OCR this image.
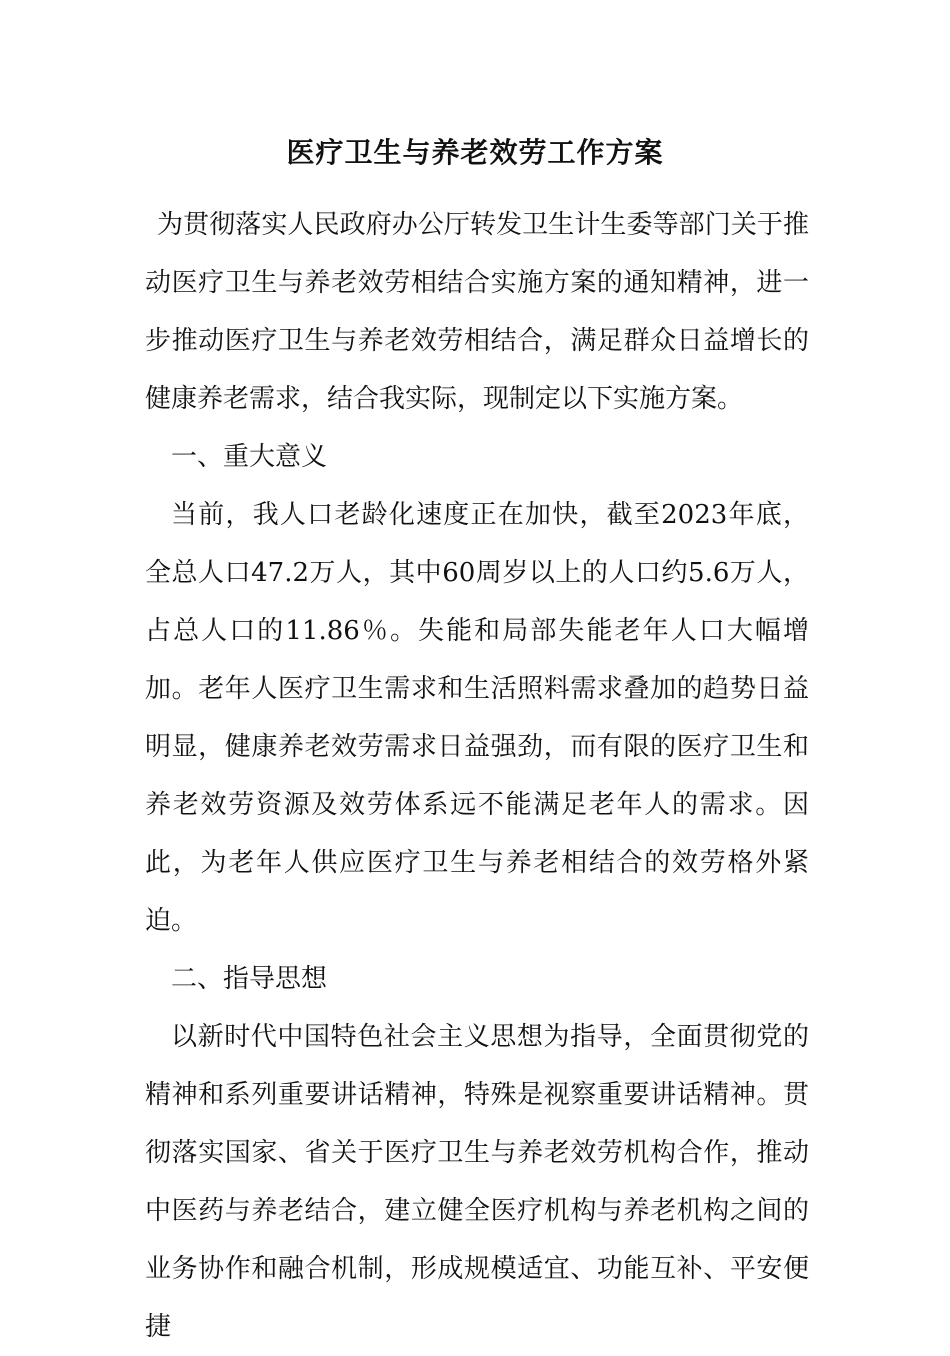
医疗卫生与养老效劳工作方案

为贯彻落实人民政府办公厅转发卫生计生委等部门关于推动医疗卫生与养老效劳相结合实施方案的通知精神，进一步推动医疗卫生与养老效劳相结合，满足群众日益增长的健康养老需求，结合我实际，现制定以下实施方案。

一、重大意义

当前，我人口老龄化速度正在加快，截至2023年底，全总人口47.2万人，其中60周岁以上的人口约5.6万人，占总人口的11.86％。失能和局部失能老年人口大幅增加。老年人医疗卫生需求和生活照料需求叠加的趋势日益明显，健康养老效劳需求日益强劲，而有限的医疗卫生和养老效劳资源及效劳体系远不能满足老年人的需求。因此，为老年人供应医疗卫生与养老相结合的效劳格外紧迫。

二、指导思想

以新时代中国特色社会主义思想为指导，全面贯彻党的精神和系列重要讲话精神，特殊是视察重要讲话精神。贯彻落实国家、省关于医疗卫生与养老效劳机构合作，推动中医药与养老结合，建立健全医疗机构与养老机构之间的业务协作和融合机制，形成规模适宜、功能互补、平安便捷
